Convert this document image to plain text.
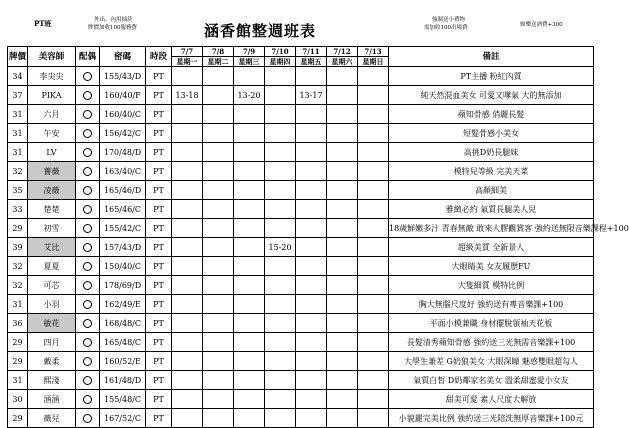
PT班	外出．內用抽菸
牌價加收100服務費	涵香館整週班表
強制送小禮物
需加收100出場費	娛樂送酒費+300
牌價	美容師	配偶	密碼	時段	7/7	7/8	7/9	7/10	7/11	7/12	7/13	備註
					星期一	星期二	星期三	星期四	星期五	星期六	星期日	
34	李尖尖		155/43/D	PT								PT主播 粉紅內質
37	PIKA		160/40/F	PT	13-18		13-20		13-17			純天然混血美女 可愛又嗲氣 大的無添加
31	六月		160/40/C	PT								蘋知骨感 俏麗長髮
31	午安		156/42/C	PT								短髮骨感小美女
31	LV		170/48/D	PT								高挑D奶長腿妹
32	薔薇		163/40/C	PT								模特兒等級 完美天菜
35	凌薇		165/46/D	PT								高顏細美
33	楚楚		165/46/C	PT								雅緻必約 氣質長腿美人兒
29	初雪		155/42/C	PT								18歲鮮嫩多汁 青春無敵 敢來人膠觀賞客 強約送無限音樂課程+100
39	艾比		157/43/D	PT				15-20				超級美質 全新景人
32	夏夏		150/40/C	PT								大眼睛美 女友履歷FU
32	可芯		178/69/D	PT								大隻細質 模特比例
31	小羽		162/49/E	PT								胸大無腦尺度好 強約送有專音樂課+100
36	敏花		168/48/C	PT								平面小模兼職 身材擺脫領袖天花板
29	四月		165/48/C	PT								長髮清秀蘋知骨感 強約送三光無需音樂課+100
29	戴柔		160/52/E	PT								大學生兼差 G奶狼美女 大眼深瞳 魅惑雙眼超勾人
31	熙淺		161/48/D	PT								氣質白皙 D奶鄰家名美女 溫柔甜蜜愛小女友
30	涵涵		155/48/C	PT								甜美可愛 素人尺度大解放
29	薇兒		167/52/C	PT								小貌麗完美比例 強約送三光陪洗無厚音樂課+100元
